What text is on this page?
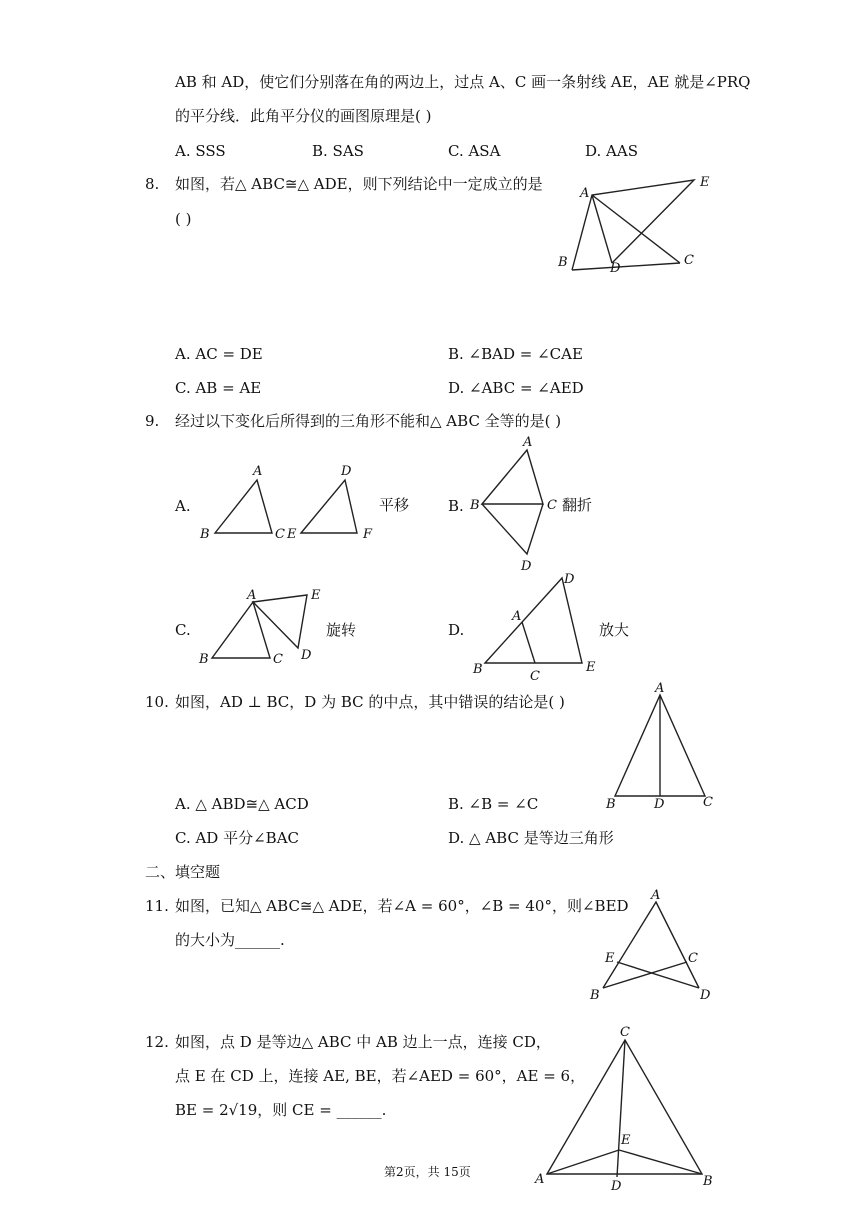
AB 和 AD，使它们分别落在角的两边上，过点 A、C 画一条射线 AE，AE 就是∠PRQ
的平分线．此角平分仪的画图原理是( )
A. SSS	B. SAS	C. ASA	D. AAS
8. 如图，若△ ABC≅△ ADE，则下列结论中一定成立的是
( )
A
E
B	D
C
A. AC = DE	B. ∠BAD = ∠CAE
C. AB = AE	D. ∠ABC = ∠AED
9. 经过以下变化后所得到的三角形不能和△ ABC 全等的是( )
A.
A
B	C E
D
F
平移	B.
A
B	C
D
翻折
C.
A	E
B	C D
旋转	D.
A
D
B	C
E
放大
10. 如图，AD ⊥ BC，D 为 BC 的中点，其中错误的结论是( )
A
B	D	C
A. △ ABD≅△ ACD	B. ∠B = ∠C
C. AD 平分∠BAC	D. △ ABC 是等边三角形
二、填空题
11. 如图，已知△ ABC≅△ ADE，若∠A = 60°，∠B = 40°，则∠BED
的大小为______.
A
E	C
B	D
12. 如图，点 D 是等边△ ABC 中 AB 边上一点，连接 CD，
点 E 在 CD 上，连接 AE, BE，若∠AED = 60°，AE = 6，
BE = 2√19，则 CE = ______.
C
E
A	D	B
第2页，共 15页
